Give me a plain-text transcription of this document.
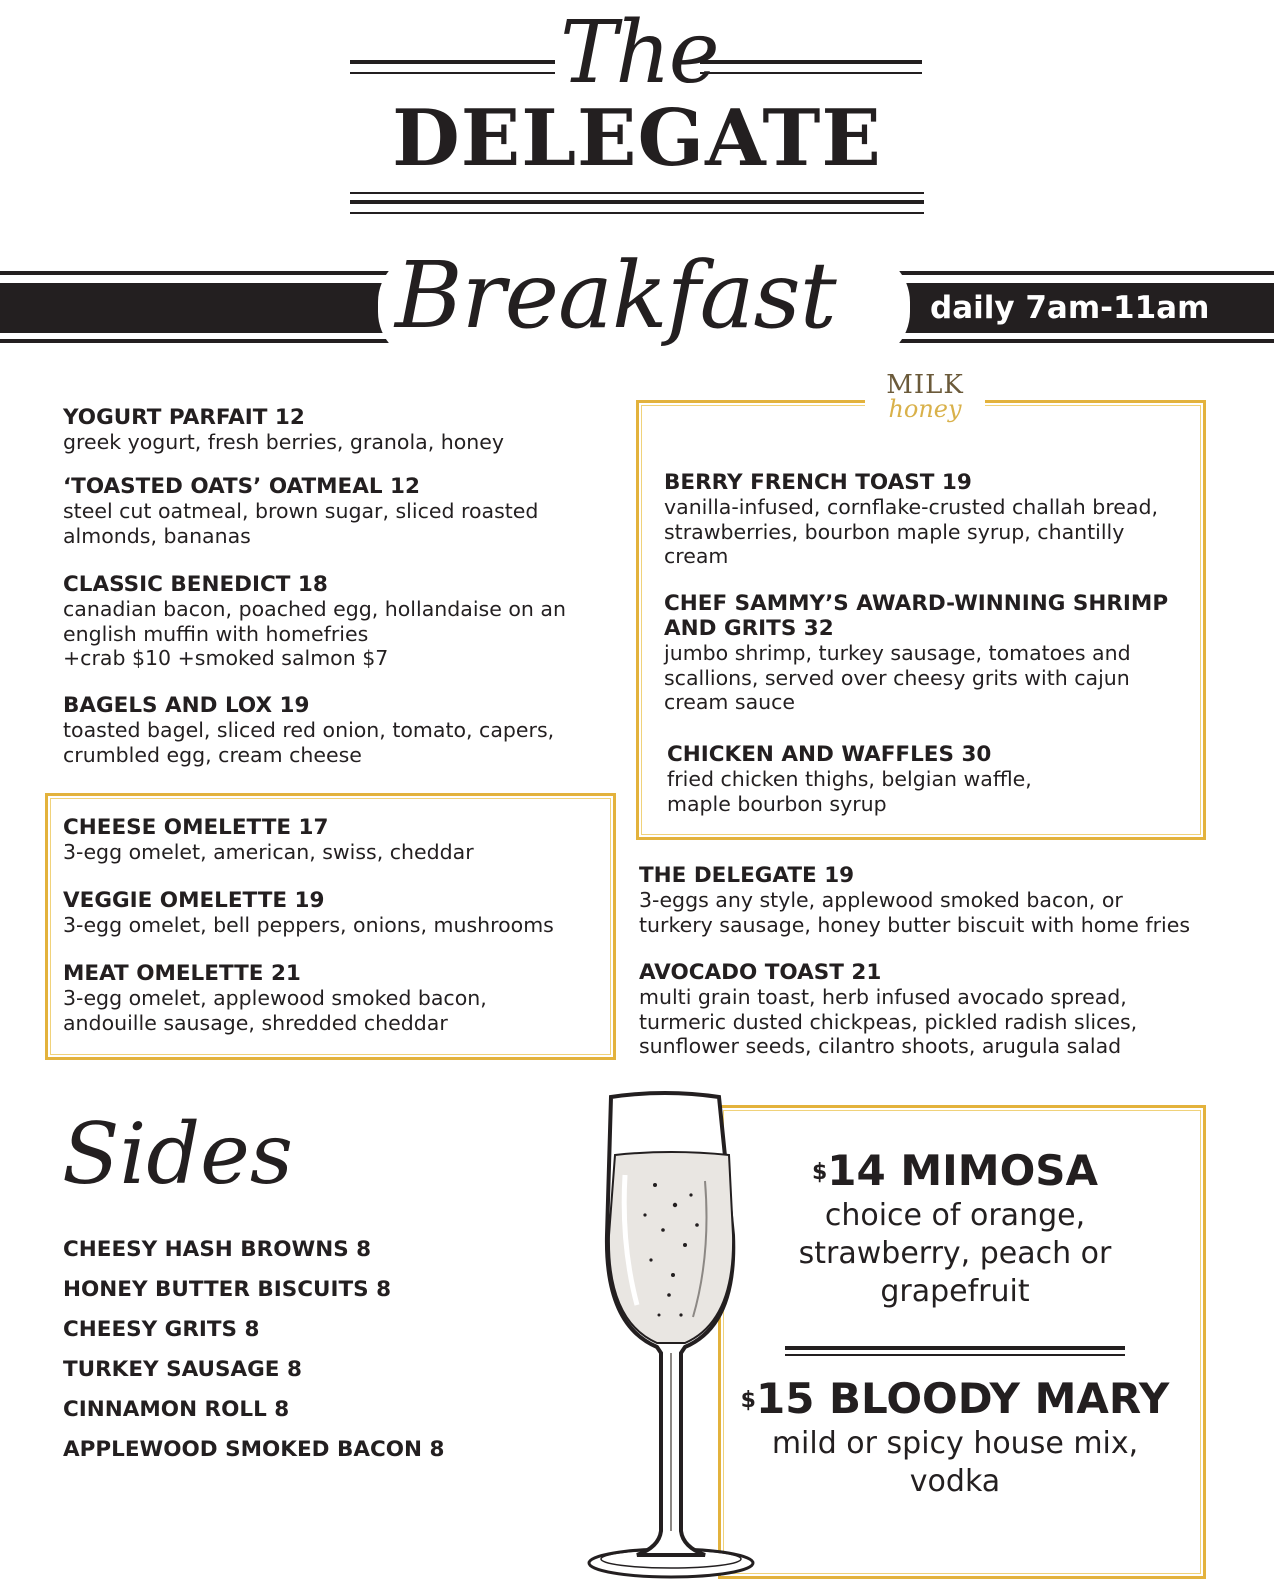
The
DELEGATE
Breakfast	daily 7am-11am
YOGURT PARFAIT 12
greek yogurt, fresh berries, granola, honey
‘TOASTED OATS’ OATMEAL 12
steel cut oatmeal, brown sugar, sliced roasted
almonds, bananas
CLASSIC BENEDICT 18
canadian bacon, poached egg, hollandaise on an
english muffin with homefries
+crab $10 +smoked salmon $7
BAGELS AND LOX 19
toasted bagel, sliced red onion, tomato, capers,
crumbled egg, cream cheese
CHEESE OMELETTE 17
3-egg omelet, american, swiss, cheddar
VEGGIE OMELETTE 19
3-egg omelet, bell peppers, onions, mushrooms
MEAT OMELETTE 21
3-egg omelet, applewood smoked bacon,
andouille sausage, shredded cheddar
MILK
honey
BERRY FRENCH TOAST 19
vanilla-infused, cornflake-crusted challah bread,
strawberries, bourbon maple syrup, chantilly
cream
CHEF SAMMY’S AWARD-WINNING SHRIMP
AND GRITS 32
jumbo shrimp, turkey sausage, tomatoes and
scallions, served over cheesy grits with cajun
cream sauce
CHICKEN AND WAFFLES 30
fried chicken thighs, belgian waffle,
maple bourbon syrup
THE DELEGATE 19
3-eggs any style, applewood smoked bacon, or
turkery sausage, honey butter biscuit with home fries
AVOCADO TOAST 21
multi grain toast, herb infused avocado spread,
turmeric dusted chickpeas, pickled radish slices,
sunflower seeds, cilantro shoots, arugula salad
Sides
CHEESY HASH BROWNS 8
HONEY BUTTER BISCUITS 8
CHEESY GRITS 8
TURKEY SAUSAGE 8
CINNAMON ROLL 8
APPLEWOOD SMOKED BACON 8
$14 MIMOSA
choice of orange,
strawberry, peach or
grapefruit
$15 BLOODY MARY
mild or spicy house mix,
vodka
